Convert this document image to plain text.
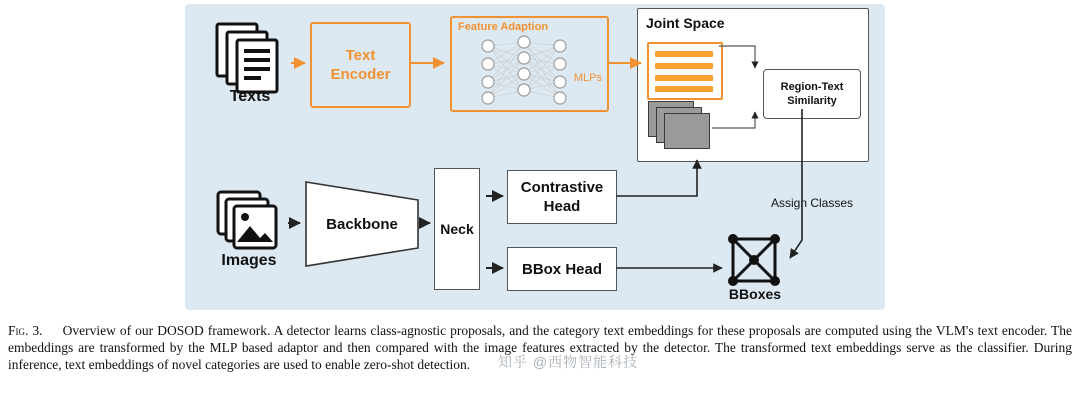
Texts
Text
Encoder
Feature Adaption
MLPs
Joint Space
Region-Text
Similarity
Images
Backbone	Neck
Contrastive
Head
BBox Head
BBoxes
Assign Classes
Fig. 3. Overview of our DOSOD framework. A detector learns class-agnostic proposals, and the category text embeddings for these proposals are computed using the VLM's text encoder. The embeddings are transformed by the MLP based adaptor and then compared with the image features extracted by the detector. The transformed text embeddings serve as the classifier. During inference, text embeddings of novel categories are used to enable zero-shot detection.	知乎 @西物智能科技
